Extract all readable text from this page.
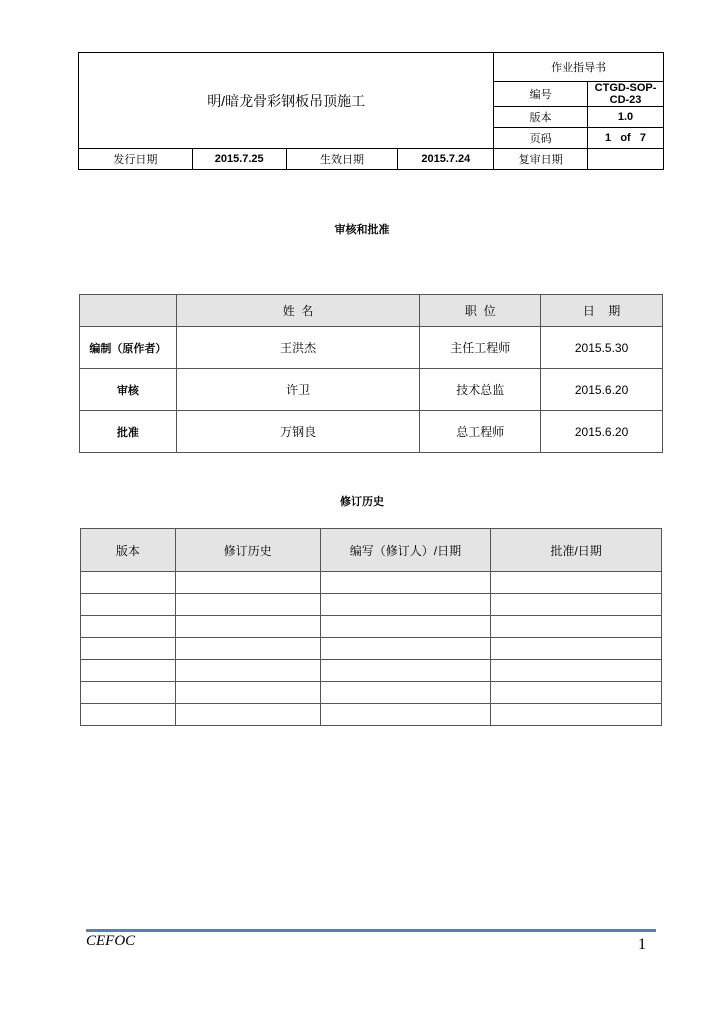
明/暗龙骨彩钢板吊顶施工				作业指导书	
				编号	CTGD-SOP-CD-23
				版本	1.0
				页码	1   of   7
发行日期	2015.7.25	生效日期	2015.7.24	复审日期	
审核和批准
	姓  名	职  位	日    期
编制（原作者）	王洪杰	主任工程师	2015.5.30
审核	许卫	技术总监	2015.6.20
批准	万钢良	总工程师	2015.6.20
修订历史
版本	修订历史	编写（修订人）/日期	批准/日期

CEFOC	1
